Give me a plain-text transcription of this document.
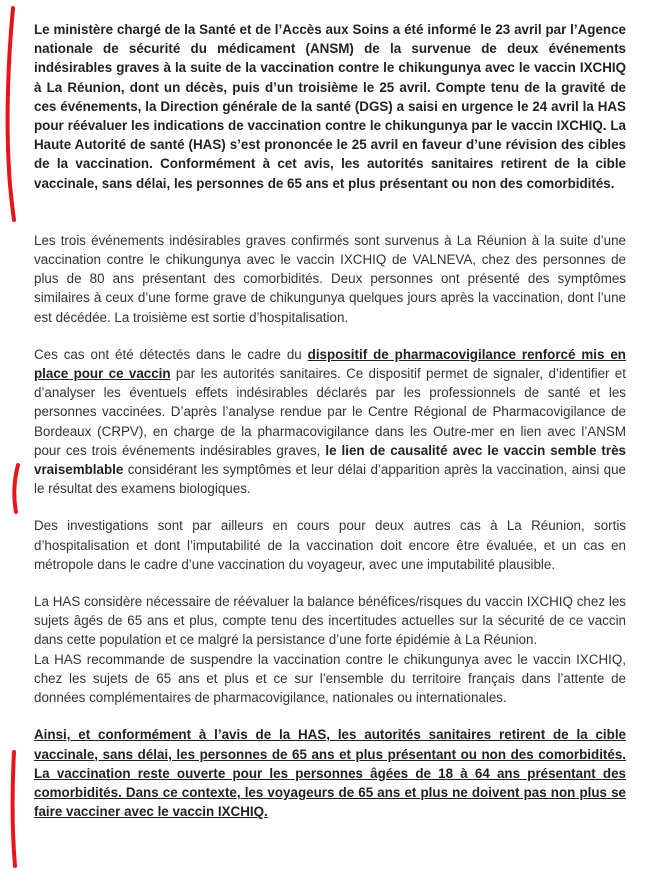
Le ministère chargé de la Santé et de l’Accès aux Soins a été informé le 23 avril par l’Agence nationale de sécurité du médicament (ANSM) de la survenue de deux événements indésirables graves à la suite de la vaccination contre le chikungunya avec le vaccin IXCHIQ à La Réunion, dont un décès, puis d’un troisième le 25 avril. Compte tenu de la gravité de ces événements, la Direction générale de la santé (DGS) a saisi en urgence le 24 avril la HAS pour réévaluer les indications de vaccination contre le chikungunya par le vaccin IXCHIQ. La Haute Autorité de santé (HAS) s’est prononcée le 25 avril en faveur d’une révision des cibles de la vaccination. Conformément à cet avis, les autorités sanitaires retirent de la cible vaccinale, sans délai, les personnes de 65 ans et plus présentant ou non des comorbidités.

Les trois événements indésirables graves confirmés sont survenus à La Réunion à la suite d’une vaccination contre le chikungunya avec le vaccin IXCHIQ de VALNEVA, chez des personnes de plus de 80 ans présentant des comorbidités. Deux personnes ont présenté des symptômes similaires à ceux d’une forme grave de chikungunya quelques jours après la vaccination, dont l’une est décédée. La troisième est sortie d’hospitalisation.

Ces cas ont été détectés dans le cadre du dispositif de pharmacovigilance renforcé mis en place pour ce vaccin par les autorités sanitaires. Ce dispositif permet de signaler, d’identifier et d’analyser les éventuels effets indésirables déclarés par les professionnels de santé et les personnes vaccinées. D’après l’analyse rendue par le Centre Régional de Pharmacovigilance de Bordeaux (CRPV), en charge de la pharmacovigilance dans les Outre-mer en lien avec l’ANSM pour ces trois événements indésirables graves, le lien de causalité avec le vaccin semble très vraisemblable considérant les symptômes et leur délai d’apparition après la vaccination, ainsi que le résultat des examens biologiques.

Des investigations sont par ailleurs en cours pour deux autres cas à La Réunion, sortis d’hospitalisation et dont l’imputabilité de la vaccination doit encore être évaluée, et un cas en métropole dans le cadre d’une vaccination du voyageur, avec une imputabilité plausible.

La HAS considère nécessaire de réévaluer la balance bénéfices/risques du vaccin IXCHIQ chez les sujets âgés de 65 ans et plus, compte tenu des incertitudes actuelles sur la sécurité de ce vaccin dans cette population et ce malgré la persistance d’une forte épidémie à La Réunion.

La HAS recommande de suspendre la vaccination contre le chikungunya avec le vaccin IXCHIQ, chez les sujets de 65 ans et plus et ce sur l’ensemble du territoire français dans l’attente de données complémentaires de pharmacovigilance, nationales ou internationales.

Ainsi, et conformément à l’avis de la HAS, les autorités sanitaires retirent de la cible vaccinale, sans délai, les personnes de 65 ans et plus présentant ou non des comorbidités. La vaccination reste ouverte pour les personnes âgées de 18 à 64 ans présentant des comorbidités. Dans ce contexte, les voyageurs de 65 ans et plus ne doivent pas non plus se faire vacciner avec le vaccin IXCHIQ.
